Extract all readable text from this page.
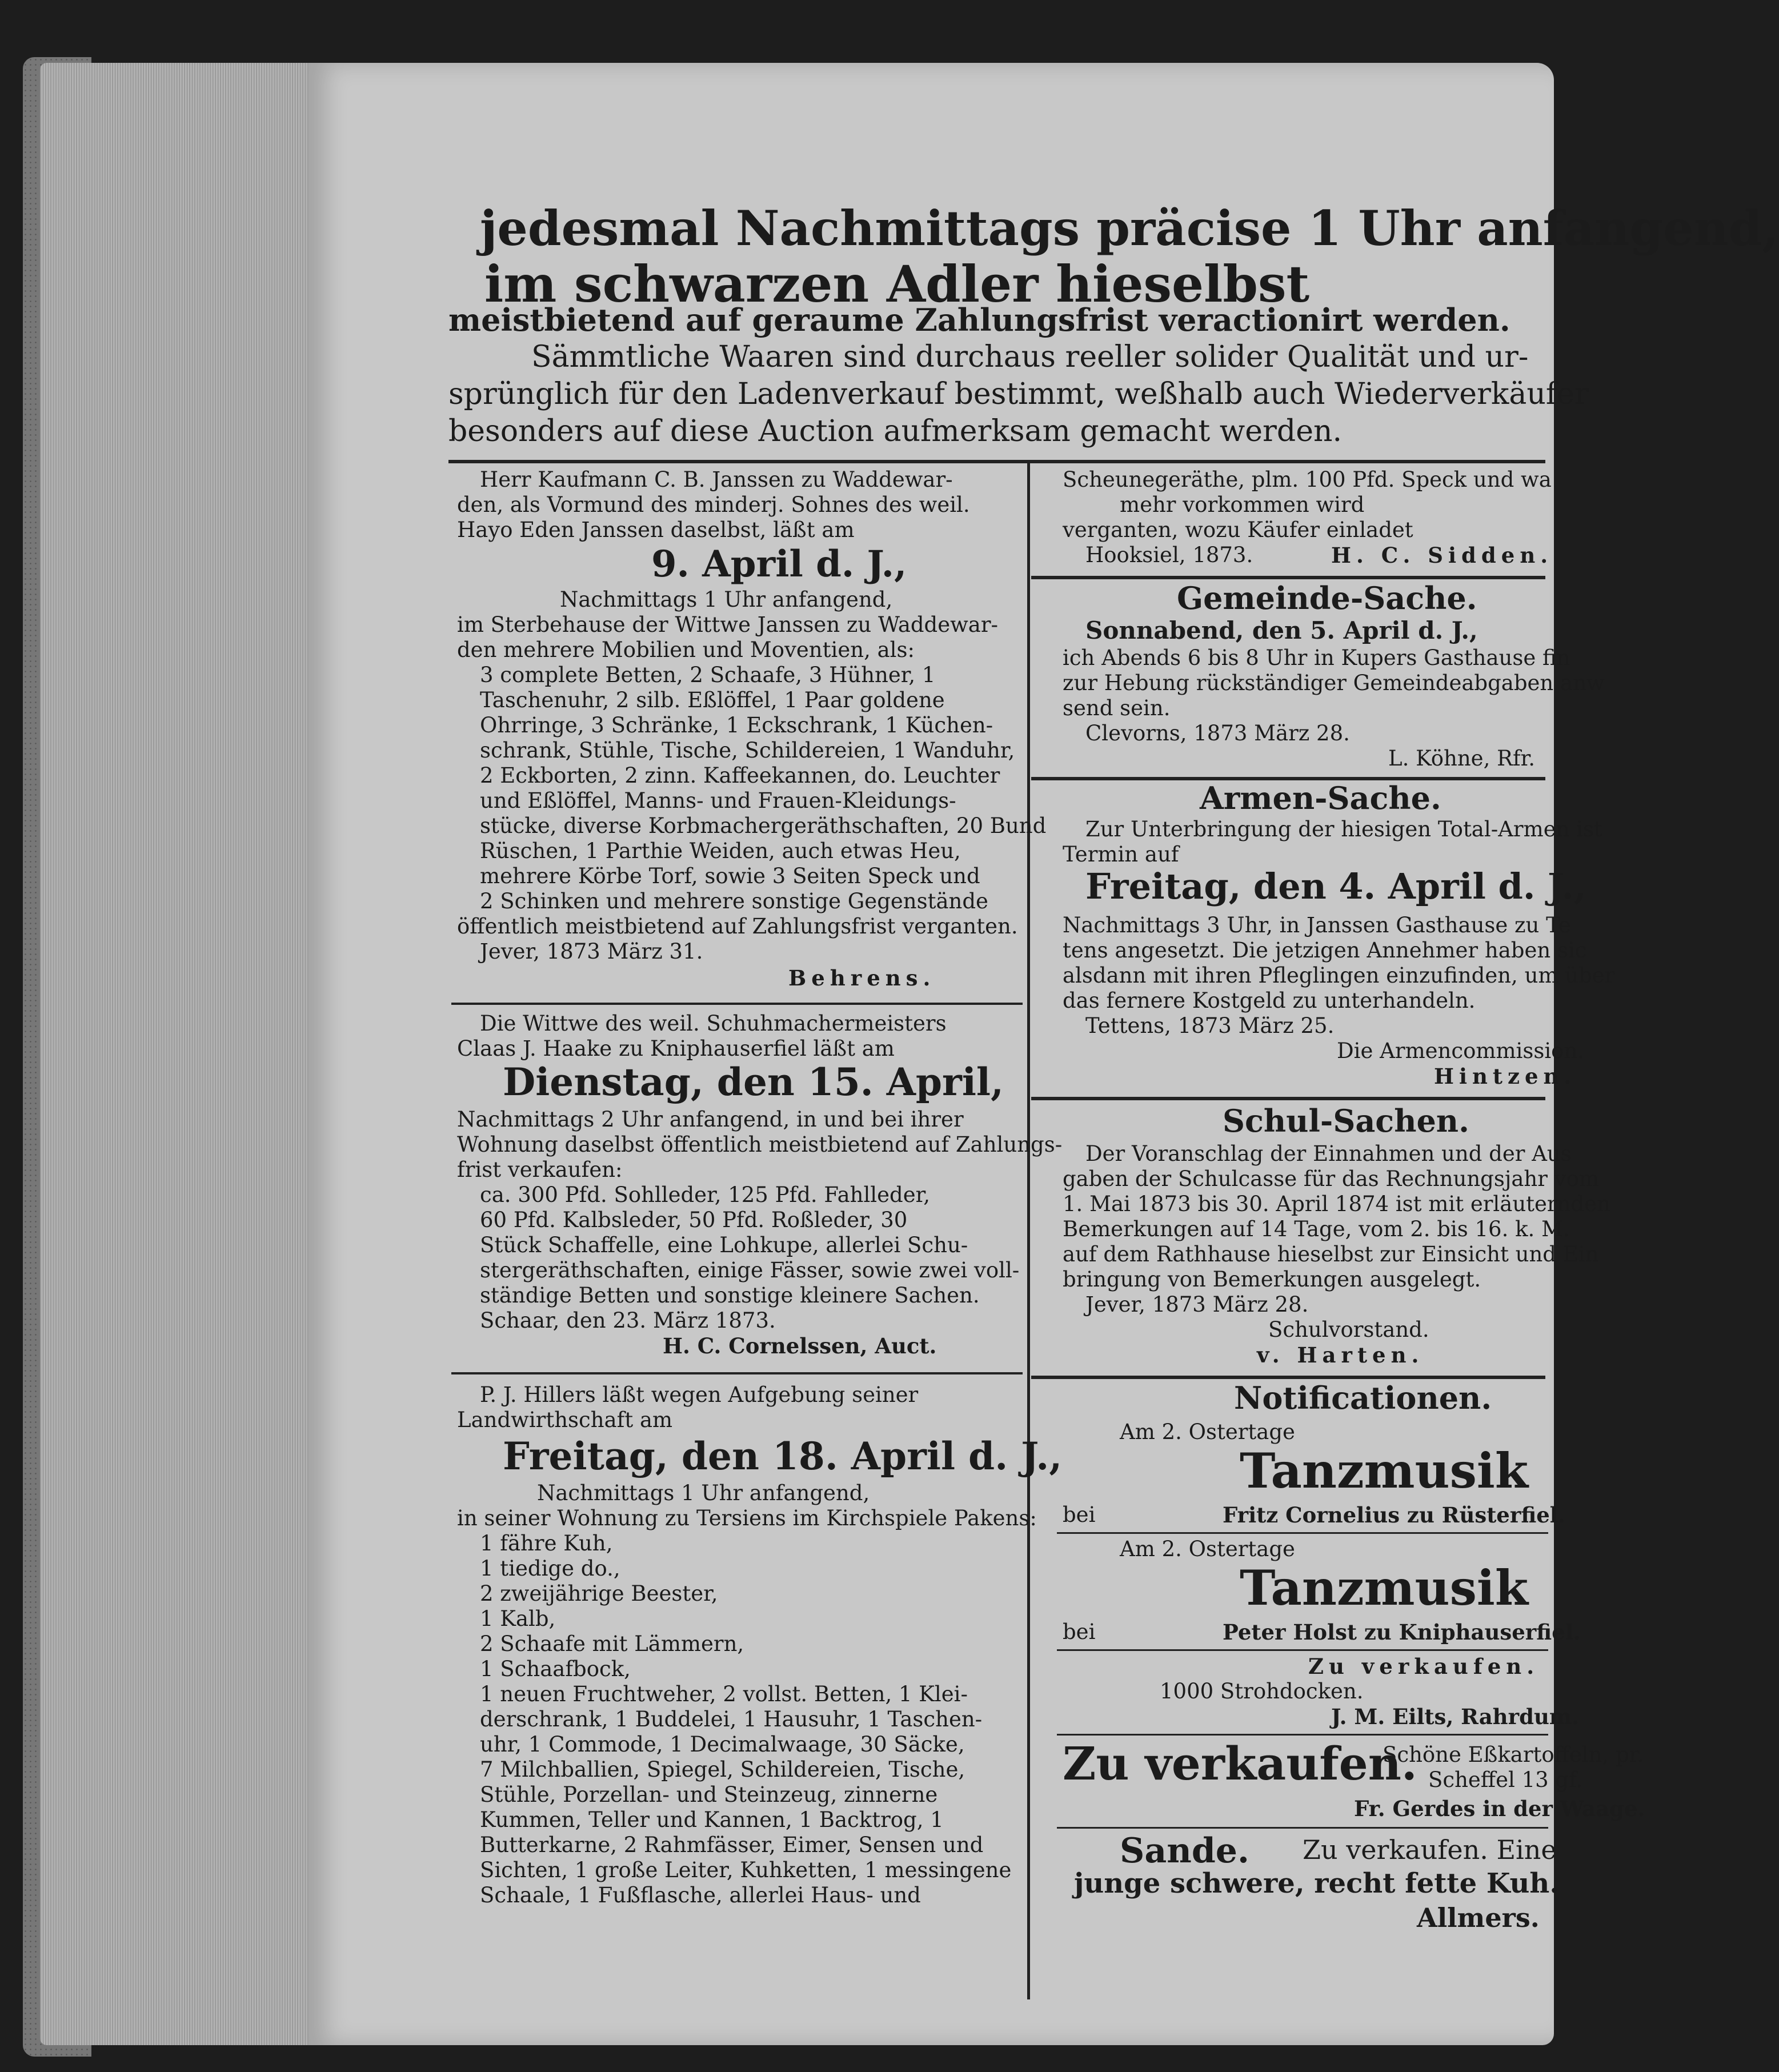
jedesmal Nachmittags präcise 1 Uhr anfangend,
im schwarzen Adler hieselbst
meistbietend auf geraume Zahlungsfrist veractionirt werden.
Sämmtliche Waaren sind durchaus reeller solider Qualität und ur-
sprünglich für den Ladenverkauf bestimmt, weßhalb auch Wiederverkäufer
besonders auf diese Auction aufmerksam gemacht werden.
Herr Kaufmann C. B. Janssen zu Waddewar-
den, als Vormund des minderj. Sohnes des weil.
Hayo Eden Janssen daselbst, läßt am
9. April d. J.,
Nachmittags 1 Uhr anfangend,
im Sterbehause der Wittwe Janssen zu Waddewar-
den mehrere Mobilien und Moventien, als:
3 complete Betten, 2 Schaafe, 3 Hühner, 1
Taschenuhr, 2 silb. Eßlöffel, 1 Paar goldene
Ohrringe, 3 Schränke, 1 Eckschrank, 1 Küchen-
schrank, Stühle, Tische, Schildereien, 1 Wanduhr,
2 Eckborten, 2 zinn. Kaffeekannen, do. Leuchter
und Eßlöffel, Manns- und Frauen-Kleidungs-
stücke, diverse Korbmachergeräthschaften, 20 Bund
Rüschen, 1 Parthie Weiden, auch etwas Heu,
mehrere Körbe Torf, sowie 3 Seiten Speck und
2 Schinken und mehrere sonstige Gegenstände
öffentlich meistbietend auf Zahlungsfrist verganten.
Jever, 1873 März 31.
Behrens.
Die Wittwe des weil. Schuhmachermeisters
Claas J. Haake zu Kniphauserfiel läßt am
Dienstag, den 15. April,
Nachmittags 2 Uhr anfangend, in und bei ihrer
Wohnung daselbst öffentlich meistbietend auf Zahlungs-
frist verkaufen:
ca. 300 Pfd. Sohlleder, 125 Pfd. Fahlleder,
60 Pfd. Kalbsleder, 50 Pfd. Roßleder, 30
Stück Schaffelle, eine Lohkupe, allerlei Schu-
stergeräthschaften, einige Fässer, sowie zwei voll-
ständige Betten und sonstige kleinere Sachen.
Schaar, den 23. März 1873.
H. C. Cornelssen, Auct.
P. J. Hillers läßt wegen Aufgebung seiner
Landwirthschaft am
Freitag, den 18. April d. J.,
Nachmittags 1 Uhr anfangend,
in seiner Wohnung zu Tersiens im Kirchspiele Pakens:
1 fähre Kuh,
1 tiedige do.,
2 zweijährige Beester,
1 Kalb,
2 Schaafe mit Lämmern,
1 Schaafbock,
1 neuen Fruchtweher, 2 vollst. Betten, 1 Klei-
derschrank, 1 Buddelei, 1 Hausuhr, 1 Taschen-
uhr, 1 Commode, 1 Decimalwaage, 30 Säcke,
7 Milchballien, Spiegel, Schildereien, Tische,
Stühle, Porzellan- und Steinzeug, zinnerne
Kummen, Teller und Kannen, 1 Backtrog, 1
Butterkarne, 2 Rahmfässer, Eimer, Sensen und
Sichten, 1 große Leiter, Kuhketten, 1 messingene
Schaale, 1 Fußflasche, allerlei Haus- und
Scheunegeräthe, plm. 100 Pfd. Speck und wa
mehr vorkommen wird
verganten, wozu Käufer einladet
Hooksiel, 1873.	H. C. Sidden.
Gemeinde-Sache.
Sonnabend, den 5. April d. J.,
ich Abends 6 bis 8 Uhr in Kupers Gasthause fin
zur Hebung rückständiger Gemeindeabgaben anw
send sein.
Clevorns, 1873 März 28.
L. Köhne, Rfr.
Armen-Sache.
Zur Unterbringung der hiesigen Total-Armen ist
Termin auf
Freitag, den 4. April d. J.,
Nachmittags 3 Uhr, in Janssen Gasthause zu Te
tens angesetzt. Die jetzigen Annehmer haben sic
alsdann mit ihren Pfleglingen einzufinden, um über
das fernere Kostgeld zu unterhandeln.
Tettens, 1873 März 25.
Die Armencommission.
Hintzen.
Schul-Sachen.
Der Voranschlag der Einnahmen und der Aus
gaben der Schulcasse für das Rechnungsjahr vom
1. Mai 1873 bis 30. April 1874 ist mit erläuternden
Bemerkungen auf 14 Tage, vom 2. bis 16. k. M.
auf dem Rathhause hieselbst zur Einsicht und Ein
bringung von Bemerkungen ausgelegt.
Jever, 1873 März 28.
Schulvorstand.
v. Harten.
Notificationen.
Am 2. Ostertage
Tanzmusik
bei	Fritz Cornelius zu Rüsterfiel.
Am 2. Ostertage
Tanzmusik
bei	Peter Holst zu Kniphauserfiel.
Zu verkaufen.
1000 Strohdocken.
J. M. Eilts, Rahrdum.
Zu verkaufen.
Schöne Eßkartoffeln, pr.
Scheffel 13 gf.
Fr. Gerdes in der Waage.
Sande. Zu verkaufen. Eine
junge schwere, recht fette Kuh.
Allmers.
